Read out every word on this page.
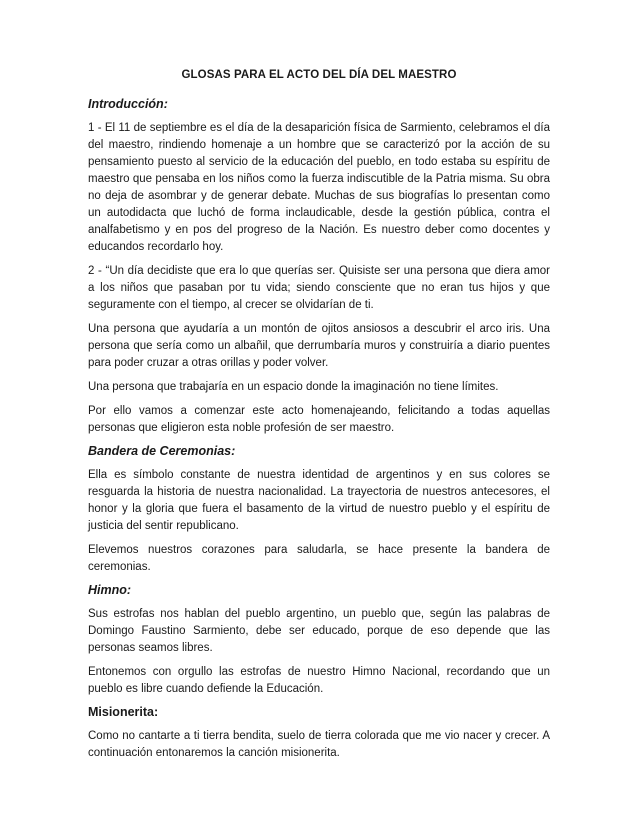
GLOSAS PARA EL ACTO DEL DÍA DEL MAESTRO
Introducción:

1 - El 11 de septiembre es el día de la desaparición física de Sarmiento, celebramos el día del maestro, rindiendo homenaje a un hombre que se caracterizó por la acción de su pensamiento puesto al servicio de la educación del pueblo, en todo estaba su espíritu de maestro que pensaba en los niños como la fuerza indiscutible de la Patria misma. Su obra no deja de asombrar y de generar debate. Muchas de sus biografías lo presentan como un autodidacta que luchó de forma inclaudicable, desde la gestión pública, contra el analfabetismo y en pos del progreso de la Nación. Es nuestro deber como docentes y educandos recordarlo hoy.

2 - “Un día decidiste que era lo que querías ser. Quisiste ser una persona que diera amor a los niños que pasaban por tu vida; siendo consciente que no eran tus hijos y que seguramente con el tiempo, al crecer se olvidarían de ti.

Una persona que ayudaría a un montón de ojitos ansiosos a descubrir el arco iris. Una persona que sería como un albañil, que derrumbaría muros y construiría a diario puentes para poder cruzar a otras orillas y poder volver.

Una persona que trabajaría en un espacio donde la imaginación no tiene límites.

Por ello vamos a comenzar este acto homenajeando, felicitando a todas aquellas personas que eligieron esta noble profesión de ser maestro.

Bandera de Ceremonias:

Ella es símbolo constante de nuestra identidad de argentinos y en sus colores se resguarda la historia de nuestra nacionalidad. La trayectoria de nuestros antecesores, el honor y la gloria que fuera el basamento de la virtud de nuestro pueblo y el espíritu de justicia del sentir republicano.

Elevemos nuestros corazones para saludarla, se hace presente la bandera de ceremonias.

Himno:

Sus estrofas nos hablan del pueblo argentino, un pueblo que, según las palabras de Domingo Faustino Sarmiento, debe ser educado, porque de eso depende que las personas seamos libres.

Entonemos con orgullo las estrofas de nuestro Himno Nacional, recordando que un pueblo es libre cuando defiende la Educación.

Misionerita:

Como no cantarte a ti tierra bendita, suelo de tierra colorada que me vio nacer y crecer. A continuación entonaremos la canción misionerita.
